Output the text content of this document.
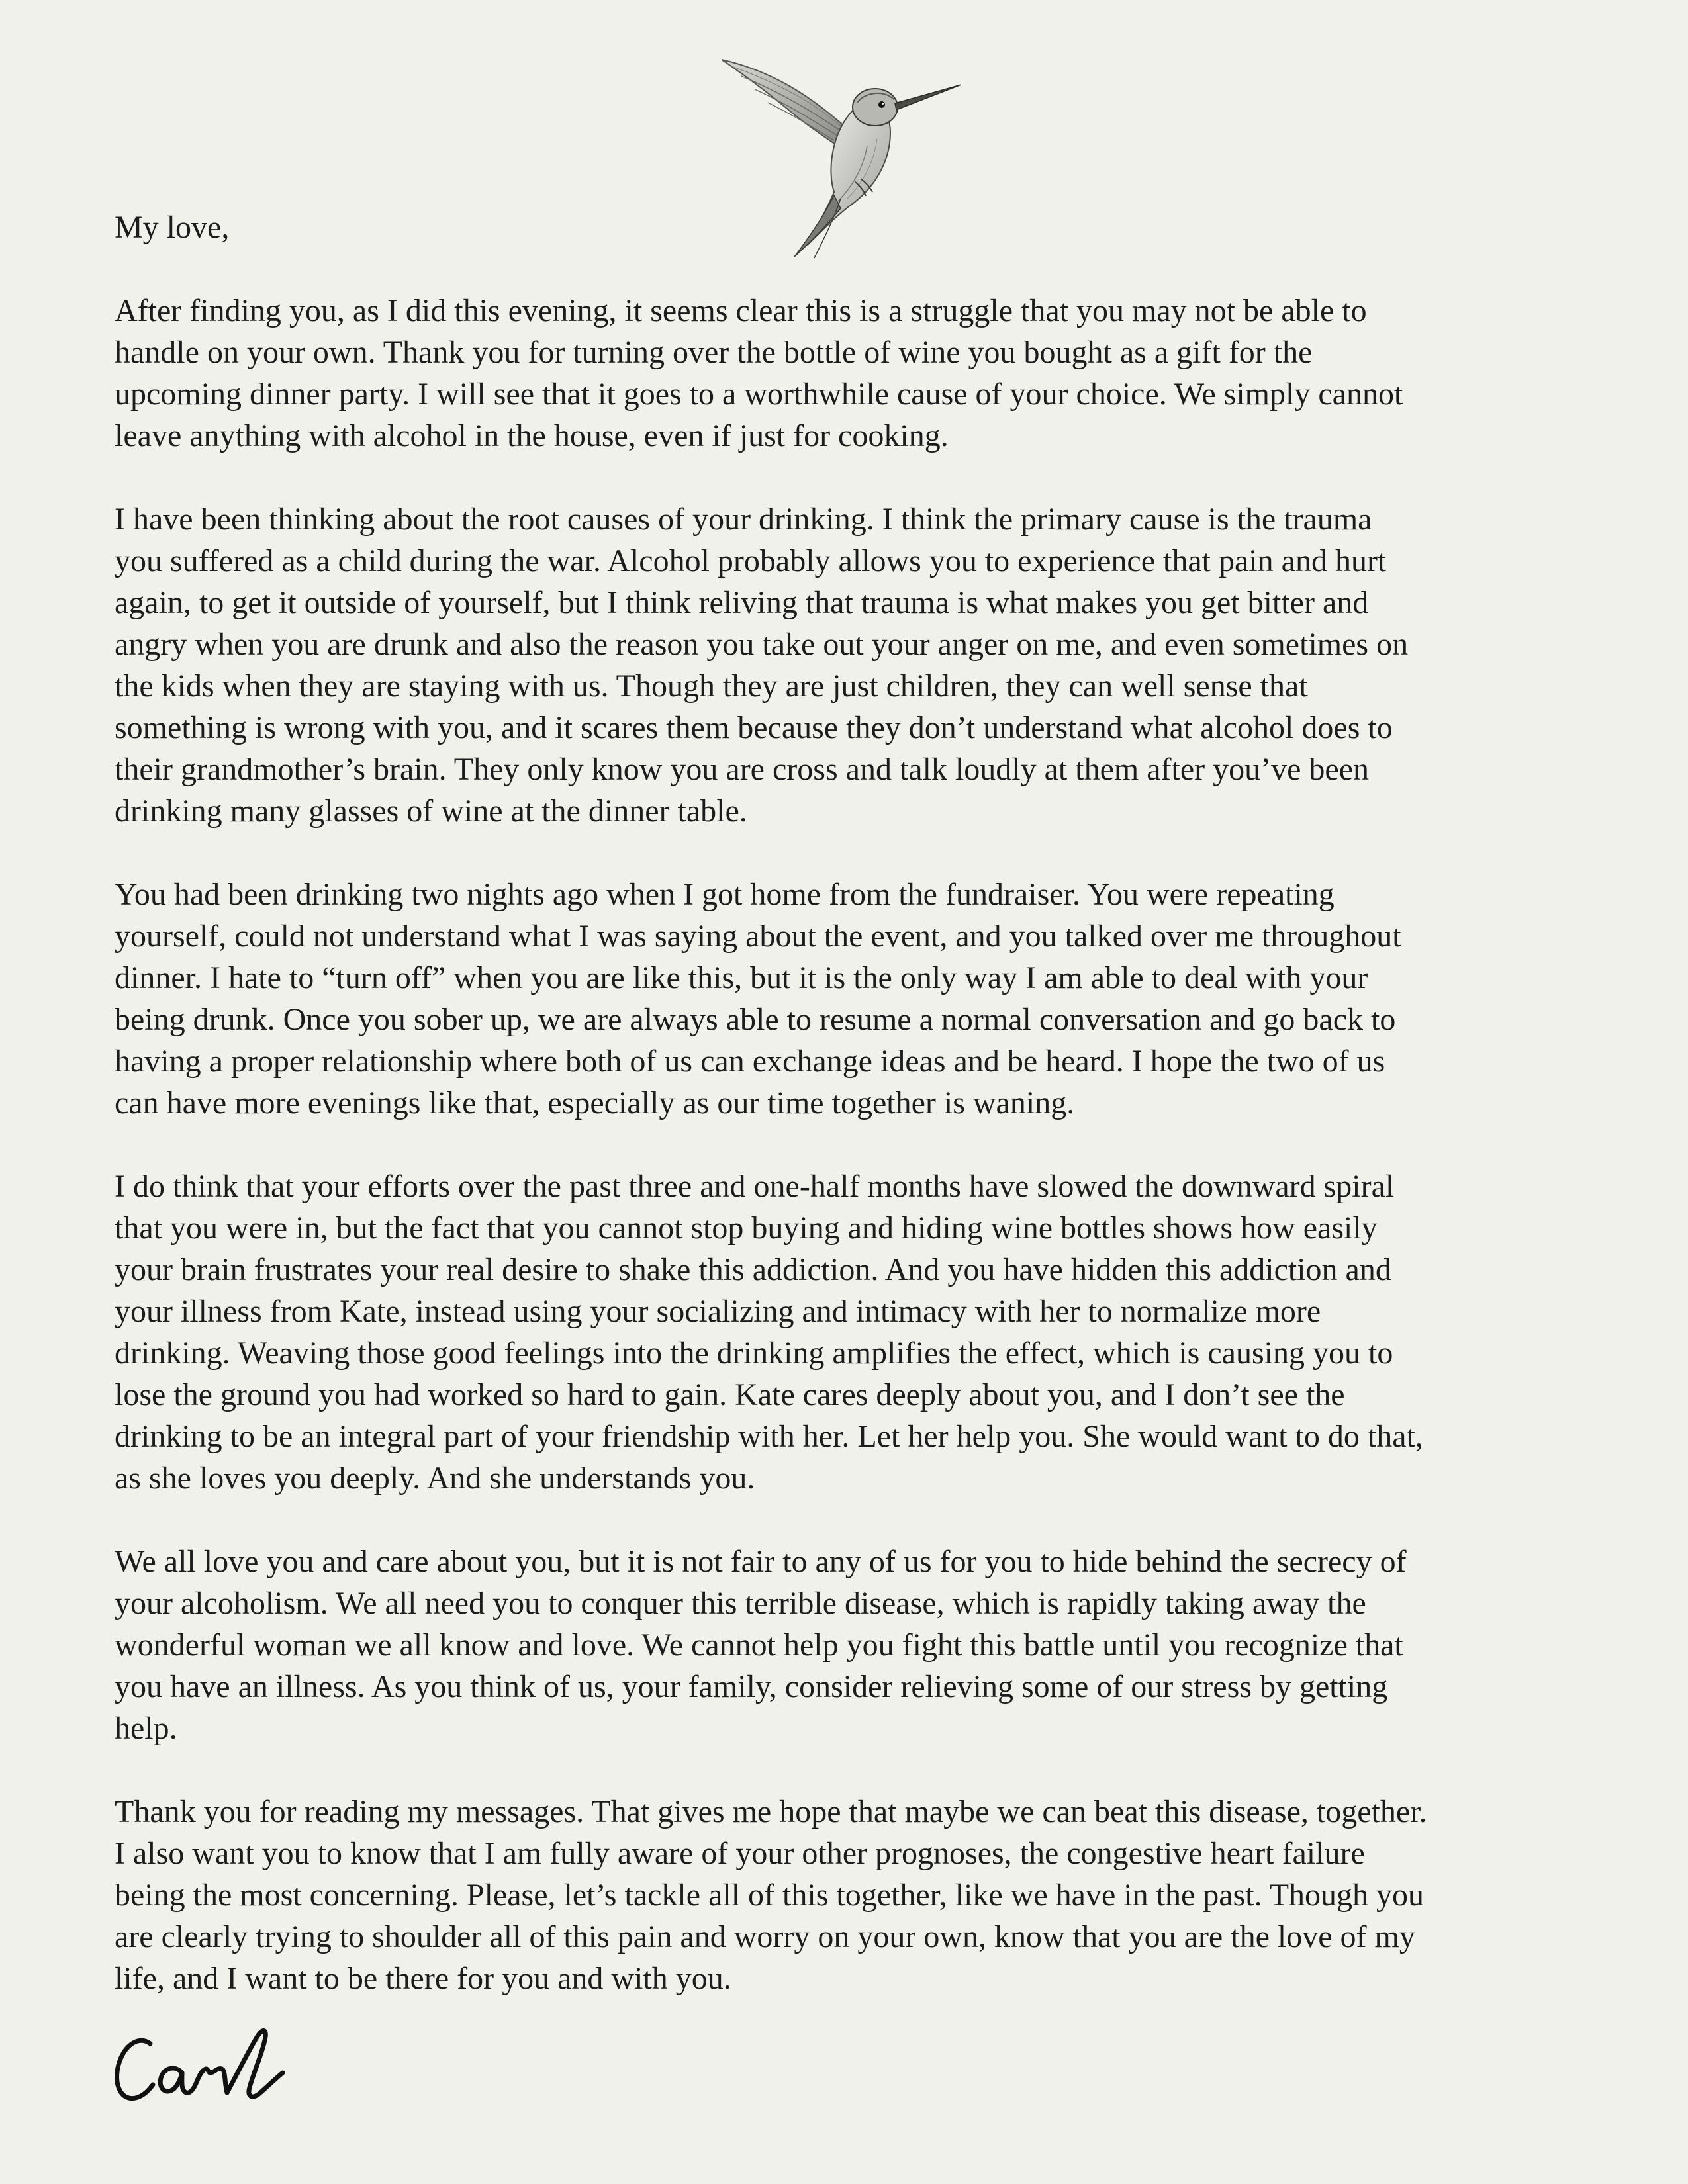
My love,

After finding you, as I did this evening, it seems clear this is a struggle that you may not be able to
handle on your own. Thank you for turning over the bottle of wine you bought as a gift for the
upcoming dinner party. I will see that it goes to a worthwhile cause of your choice. We simply cannot
leave anything with alcohol in the house, even if just for cooking.

I have been thinking about the root causes of your drinking. I think the primary cause is the trauma
you suffered as a child during the war. Alcohol probably allows you to experience that pain and hurt
again, to get it outside of yourself, but I think reliving that trauma is what makes you get bitter and
angry when you are drunk and also the reason you take out your anger on me, and even sometimes on
the kids when they are staying with us. Though they are just children, they can well sense that
something is wrong with you, and it scares them because they don’t understand what alcohol does to
their grandmother’s brain. They only know you are cross and talk loudly at them after you’ve been
drinking many glasses of wine at the dinner table.

You had been drinking two nights ago when I got home from the fundraiser. You were repeating
yourself, could not understand what I was saying about the event, and you talked over me throughout
dinner. I hate to “turn off” when you are like this, but it is the only way I am able to deal with your
being drunk. Once you sober up, we are always able to resume a normal conversation and go back to
having a proper relationship where both of us can exchange ideas and be heard. I hope the two of us
can have more evenings like that, especially as our time together is waning.

I do think that your efforts over the past three and one-half months have slowed the downward spiral
that you were in, but the fact that you cannot stop buying and hiding wine bottles shows how easily
your brain frustrates your real desire to shake this addiction. And you have hidden this addiction and
your illness from Kate, instead using your socializing and intimacy with her to normalize more
drinking. Weaving those good feelings into the drinking amplifies the effect, which is causing you to
lose the ground you had worked so hard to gain. Kate cares deeply about you, and I don’t see the
drinking to be an integral part of your friendship with her. Let her help you. She would want to do that,
as she loves you deeply. And she understands you.

We all love you and care about you, but it is not fair to any of us for you to hide behind the secrecy of
your alcoholism. We all need you to conquer this terrible disease, which is rapidly taking away the
wonderful woman we all know and love. We cannot help you fight this battle until you recognize that
you have an illness. As you think of us, your family, consider relieving some of our stress by getting
help.

Thank you for reading my messages. That gives me hope that maybe we can beat this disease, together.
I also want you to know that I am fully aware of your other prognoses, the congestive heart failure
being the most concerning. Please, let’s tackle all of this together, like we have in the past. Though you
are clearly trying to shoulder all of this pain and worry on your own, know that you are the love of my
life, and I want to be there for you and with you.
